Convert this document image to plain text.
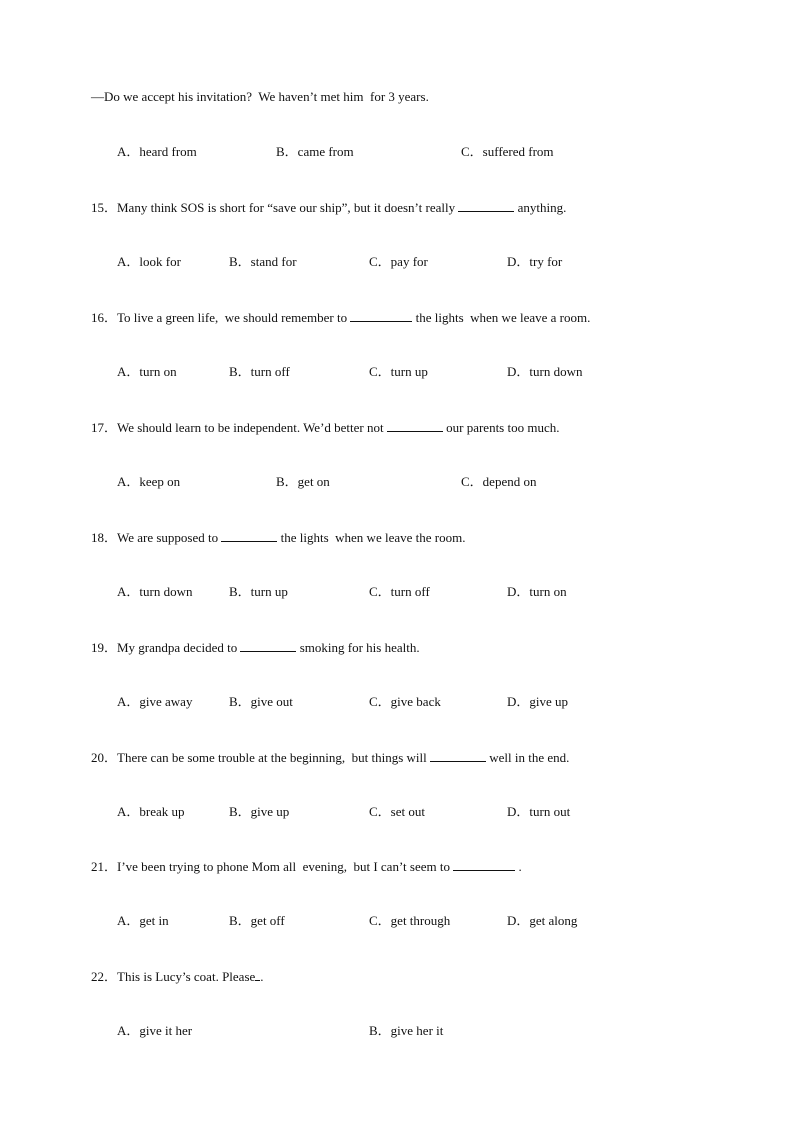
—Do we accept his invitation?  We haven’t met him  for 3 years.
A．heard from	B．came from	C．suffered from
15．Many think SOS is short for “save our ship”, but it doesn’t really	anything.
A．look for	B．stand for	C．pay for	D．try for
16．To live a green life,  we should remember to	the lights  when we leave a room.
A．turn on	B．turn off	C．turn up	D．turn down
17．We should learn to be independent. We’d better not	our parents too much.
A．keep on	B．get on	C．depend on
18．We are supposed to	the lights  when we leave the room.
A．turn down	B．turn up	C．turn off	D．turn on
19．My grandpa decided to	smoking for his health.
A．give away	B．give out	C．give back	D．give up
20．There can be some trouble at the beginning,  but things will	well in the end.
A．break up	B．give up	C．set out	D．turn out
21．I’ve been trying to phone Mom all  evening,  but I can’t seem to	.
A．get in	B．get off	C．get through	D．get along
22．This is Lucy’s coat. Please .
A．give it her	B．give her it
